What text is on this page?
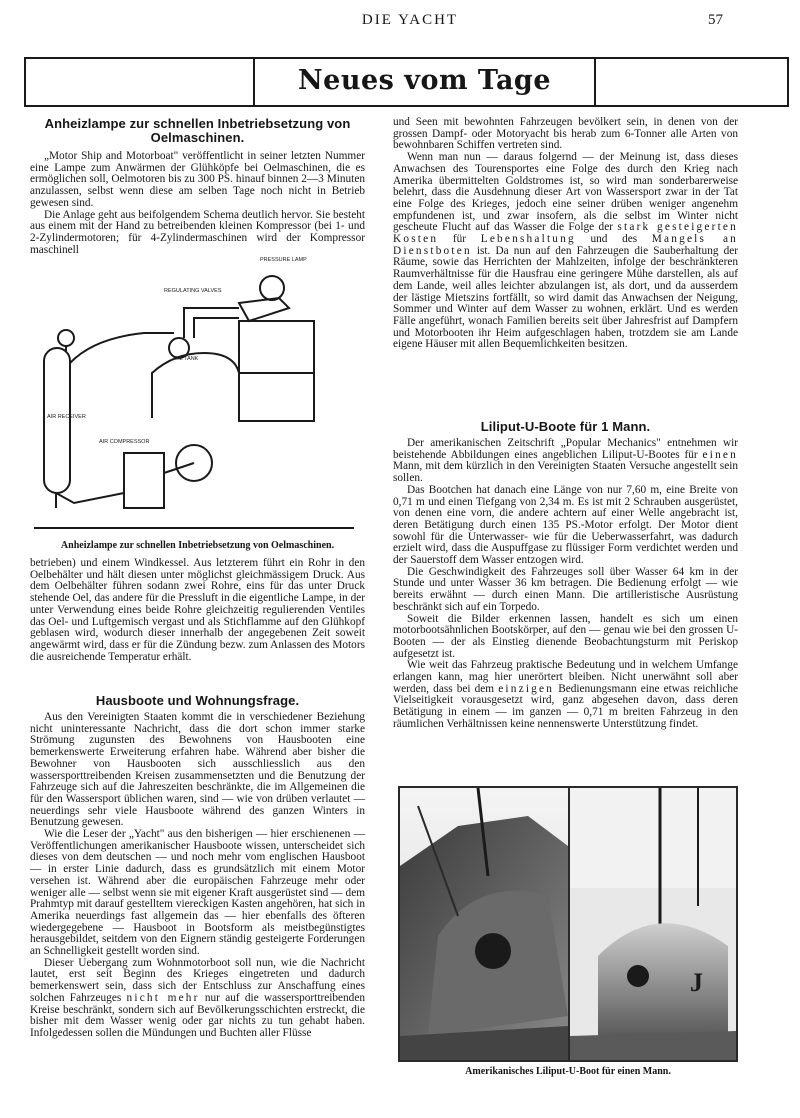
DIE YACHT	57
Neues vom Tage
Anheizlampe zur schnellen Inbetriebsetzung von Oelmaschinen.

„Motor Ship and Motorboat" veröffentlicht in seiner letzten Nummer eine Lampe zum Anwärmen der Glühköpfe bei Oelmaschinen, die es ermöglichen soll, Oelmotoren bis zu 300 PS. hinauf binnen 2—3 Minuten anzulassen, selbst wenn diese am selben Tage noch nicht in Betrieb gewesen sind.

Die Anlage geht aus beifolgendem Schema deutlich hervor. Sie besteht aus einem mit der Hand zu betreibenden kleinen Kompressor (bei 1- und 2-Zylindermotoren; für 4-Zylindermaschinen wird der Kompressor maschinell

PRESSURE LAMP
REGULATING VALVES
OIL TANK
AIR RECEIVER
AIR COMPRESSOR
Anheizlampe zur schnellen Inbetriebsetzung von Oelmaschinen.

betrieben) und einem Windkessel. Aus letzterem führt ein Rohr in den Oelbehälter und hält diesen unter möglichst gleichmässigem Druck. Aus dem Oelbehälter führen sodann zwei Rohre, eins für das unter Druck stehende Oel, das andere für die Pressluft in die eigentliche Lampe, in der unter Verwendung eines beide Rohre gleichzeitig regulierenden Ventiles das Oel- und Luftgemisch vergast und als Stichflamme auf den Glühkopf geblasen wird, wodurch dieser innerhalb der angegebenen Zeit soweit angewärmt wird, dass er für die Zündung bezw. zum Anlassen des Motors die ausreichende Temperatur erhält.

Hausboote und Wohnungsfrage.

Aus den Vereinigten Staaten kommt die in verschiedener Beziehung nicht uninteressante Nachricht, dass die dort schon immer starke Strömung zugunsten des Bewohnens von Hausbooten eine bemerkenswerte Erweiterung erfahren habe. Während aber bisher die Bewohner von Hausbooten sich ausschliesslich aus den wassersporttreibenden Kreisen zusammensetzten und die Benutzung der Fahrzeuge sich auf die Jahreszeiten beschränkte, die im Allgemeinen die für den Wassersport üblichen waren, sind — wie von drüben verlautet — neuerdings sehr viele Hausboote während des ganzen Winters in Benutzung gewesen.

Wie die Leser der „Yacht" aus den bisherigen — hier erschienenen — Veröffentlichungen amerikanischer Hausboote wissen, unterscheidet sich dieses von dem deutschen — und noch mehr vom englischen Hausboot — in erster Linie dadurch, dass es grundsätzlich mit einem Motor versehen ist. Während aber die europäischen Fahrzeuge mehr oder weniger alle — selbst wenn sie mit eigener Kraft ausgerüstet sind — dem Prahmtyp mit darauf gestelltem viereckigen Kasten angehören, hat sich in Amerika neuerdings fast allgemein das — hier ebenfalls des öfteren wiedergegebene — Hausboot in Bootsform als meistbegünstigtes herausgebildet, seitdem von den Eignern ständig gesteigerte Forderungen an Schnelligkeit gestellt worden sind.

Dieser Uebergang zum Wohnmotorboot soll nun, wie die Nachricht lautet, erst seit Beginn des Krieges eingetreten und dadurch bemerkenswert sein, dass sich der Entschluss zur Anschaffung eines solchen Fahrzeuges nicht mehr nur auf die wassersporttreibenden Kreise beschränkt, sondern sich auf Bevölkerungsschichten erstreckt, die bisher mit dem Wasser wenig oder gar nichts zu tun gehabt haben. Infolgedessen sollen die Mündungen und Buchten aller Flüsse

und Seen mit bewohnten Fahrzeugen bevölkert sein, in denen von der grossen Dampf- oder Motoryacht bis herab zum 6-Tonner alle Arten von bewohnbaren Schiffen vertreten sind.

Wenn man nun — daraus folgernd — der Meinung ist, dass dieses Anwachsen des Tourensportes eine Folge des durch den Krieg nach Amerika übermittelten Goldstromes ist, so wird man sonderbarerweise belehrt, dass die Ausdehnung dieser Art von Wassersport zwar in der Tat eine Folge des Krieges, jedoch eine seiner drüben weniger angenehm empfundenen ist, und zwar insofern, als die selbst im Winter nicht gescheute Flucht auf das Wasser die Folge der stark gesteigerten Kosten für Lebenshaltung und des Mangels an Dienstboten ist. Da nun auf den Fahrzeugen die Sauberhaltung der Räume, sowie das Herrichten der Mahlzeiten, infolge der beschränkteren Raumverhältnisse für die Hausfrau eine geringere Mühe darstellen, als auf dem Lande, weil alles leichter abzulangen ist, als dort, und da ausserdem der lästige Mietszins fortfällt, so wird damit das Anwachsen der Neigung, Sommer und Winter auf dem Wasser zu wohnen, erklärt. Und es werden Fälle angeführt, wonach Familien bereits seit über Jahresfrist auf Dampfern und Motorbooten ihr Heim aufgeschlagen haben, trotzdem sie am Lande eigene Häuser mit allen Bequemlichkeiten besitzen.

Liliput-U-Boote für 1 Mann.

Der amerikanischen Zeitschrift „Popular Mechanics" entnehmen wir beistehende Abbildungen eines angeblichen Liliput-U-Bootes für einen Mann, mit dem kürzlich in den Vereinigten Staaten Versuche angestellt sein sollen.

Das Bootchen hat danach eine Länge von nur 7,60 m, eine Breite von 0,71 m und einen Tiefgang von 2,34 m. Es ist mit 2 Schrauben ausgerüstet, von denen eine vorn, die andere achtern auf einer Welle angebracht ist, deren Betätigung durch einen 135 PS.-Motor erfolgt. Der Motor dient sowohl für die Unterwasser- wie für die Ueberwasserfahrt, was dadurch erzielt wird, dass die Auspuffgase zu flüssiger Form verdichtet werden und der Sauerstoff dem Wasser entzogen wird.

Die Geschwindigkeit des Fahrzeuges soll über Wasser 64 km in der Stunde und unter Wasser 36 km betragen. Die Bedienung erfolgt — wie bereits erwähnt — durch einen Mann. Die artilleristische Ausrüstung beschränkt sich auf ein Torpedo.

Soweit die Bilder erkennen lassen, handelt es sich um einen motorbootsähnlichen Bootskörper, auf den — genau wie bei den grossen U-Booten — der als Einstieg dienende Beobachtungsturm mit Periskop aufgesetzt ist.

Wie weit das Fahrzeug praktische Bedeutung und in welchem Umfange erlangen kann, mag hier unerörtert bleiben. Nicht unerwähnt soll aber werden, dass bei dem einzigen Bedienungsmann eine etwas reichliche Vielseitigkeit vorausgesetzt wird, ganz abgesehen davon, dass deren Betätigung in einem — im ganzen — 0,71 m breiten Fahrzeug in den räumlichen Verhältnissen keine nennenswerte Unterstützung findet.

J
Amerikanisches Liliput-U-Boot für einen Mann.
